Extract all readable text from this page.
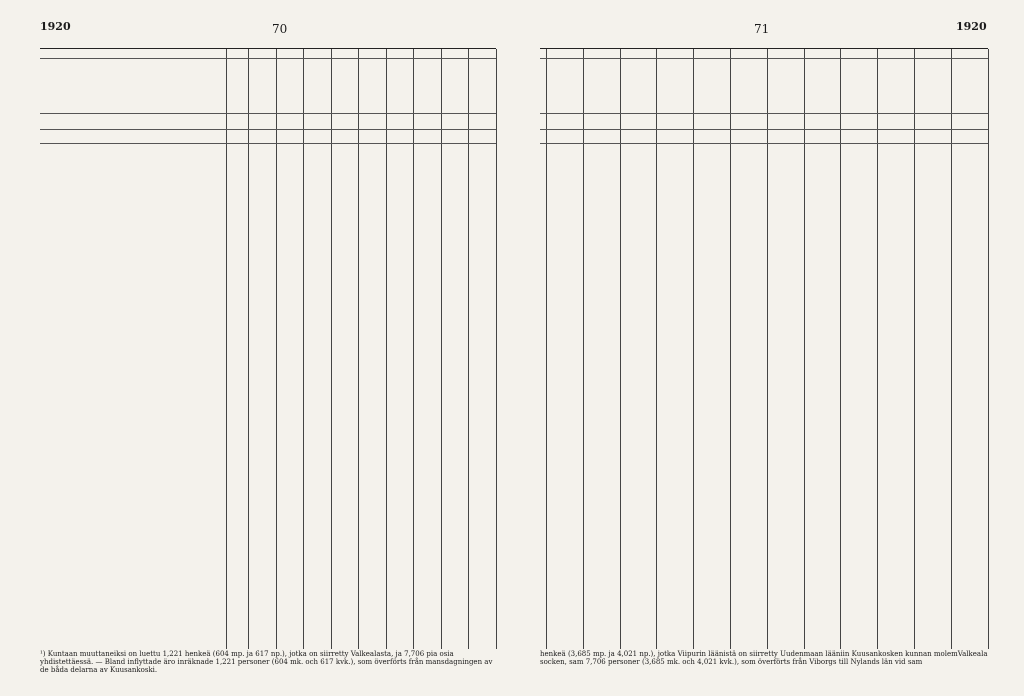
1920	70
¹) Kuntaan muuttaneiksi on luettu 1,221 henkeä (604 mp. ja 617 np.), jotka on siirretty Valkealasta, ja 7,706 pia osia yhdistettäessä. — Bland inflyttade äro inräknade 1,221 personer (604 mk. och 617 kvk.), som överförts från mansdagningen av de båda delarna av Kuusankoski.
71	1920
henkeä (3,685 mp. ja 4,021 np.), jotka Viipurin läänistä on siirretty Uudenmaan lääniin Kuusankosken kunnan molemValkeala socken, sam 7,706 personer (3,685 mk. och 4,021 kvk.), som överförts från Viborgs till Nylands län vid sam
